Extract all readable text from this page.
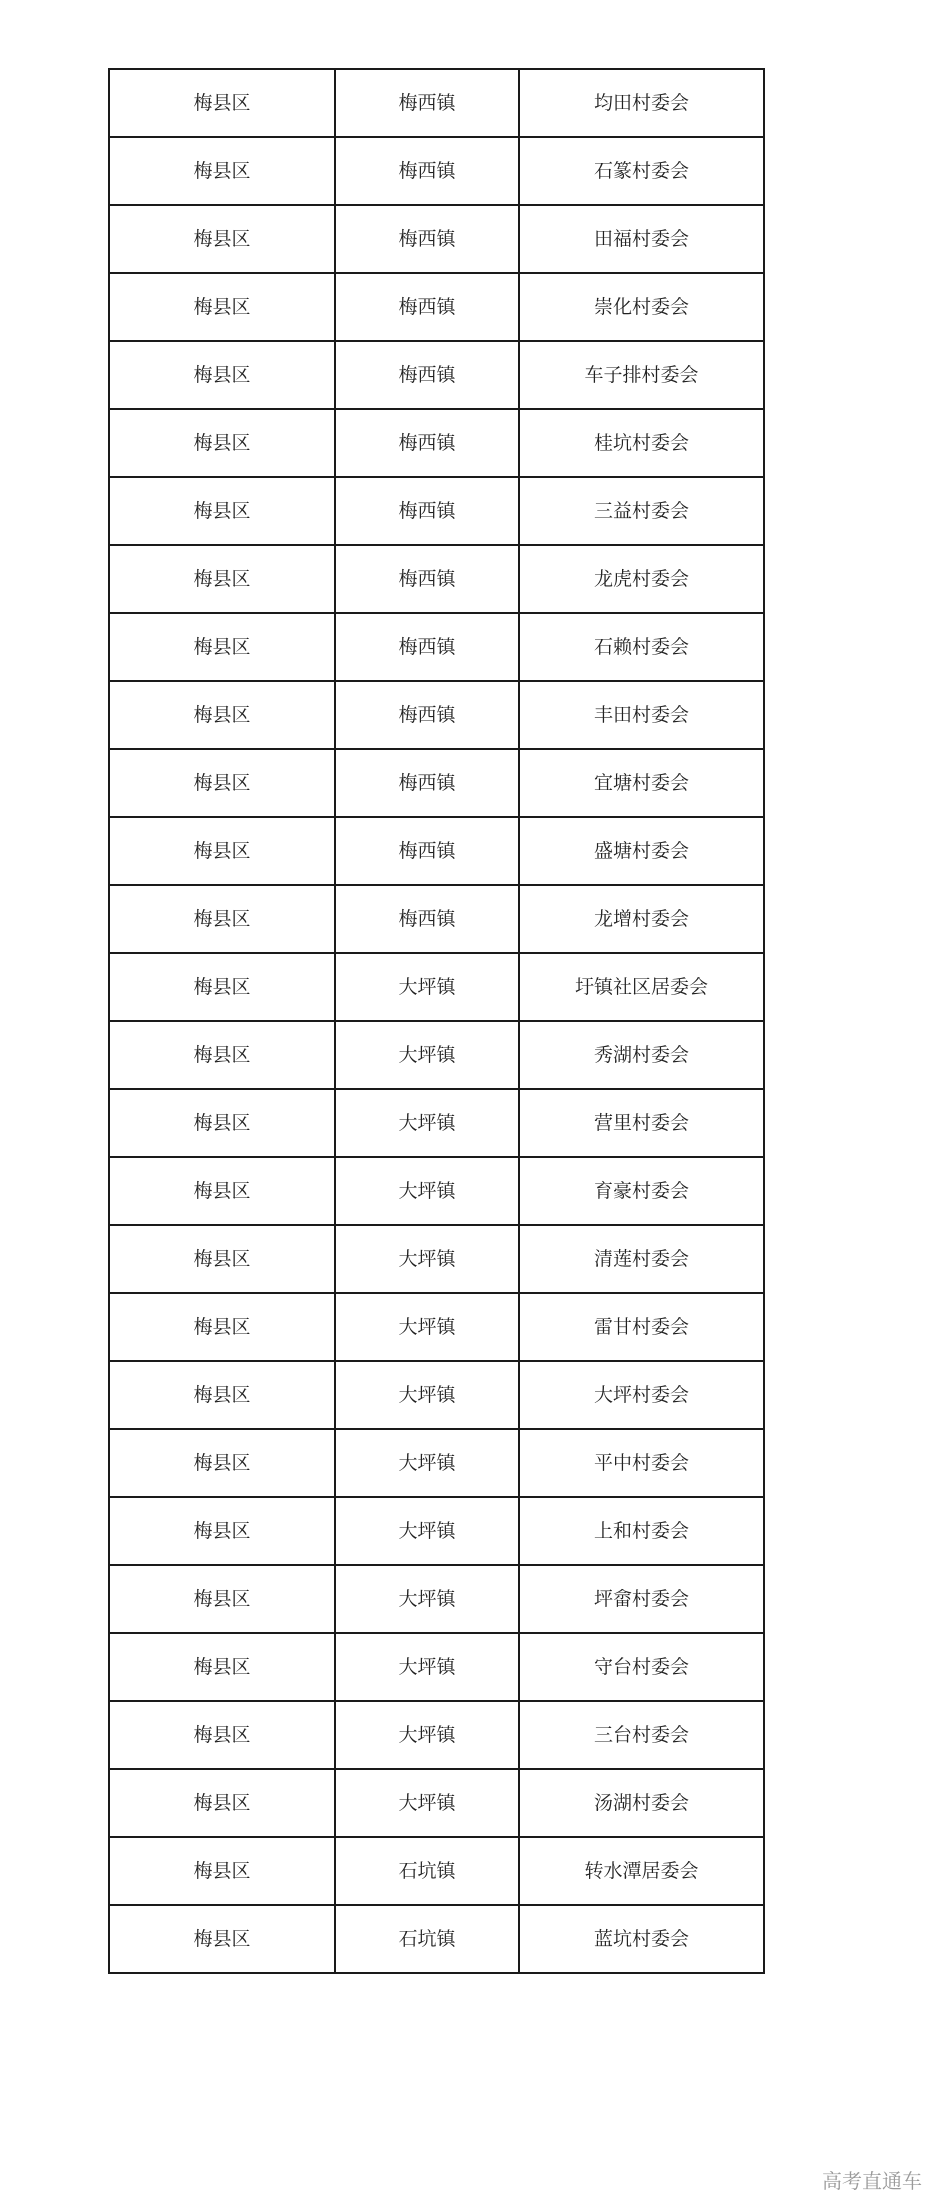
梅县区	梅西镇	均田村委会
梅县区	梅西镇	石篆村委会
梅县区	梅西镇	田福村委会
梅县区	梅西镇	崇化村委会
梅县区	梅西镇	车子排村委会
梅县区	梅西镇	桂坑村委会
梅县区	梅西镇	三益村委会
梅县区	梅西镇	龙虎村委会
梅县区	梅西镇	石赖村委会
梅县区	梅西镇	丰田村委会
梅县区	梅西镇	宜塘村委会
梅县区	梅西镇	盛塘村委会
梅县区	梅西镇	龙增村委会
梅县区	大坪镇	圩镇社区居委会
梅县区	大坪镇	秀湖村委会
梅县区	大坪镇	营里村委会
梅县区	大坪镇	育豪村委会
梅县区	大坪镇	清莲村委会
梅县区	大坪镇	雷甘村委会
梅县区	大坪镇	大坪村委会
梅县区	大坪镇	平中村委会
梅县区	大坪镇	上和村委会
梅县区	大坪镇	坪畲村委会
梅县区	大坪镇	守台村委会
梅县区	大坪镇	三台村委会
梅县区	大坪镇	汤湖村委会
梅县区	石坑镇	转水潭居委会
梅县区	石坑镇	蓝坑村委会
高考直通车
